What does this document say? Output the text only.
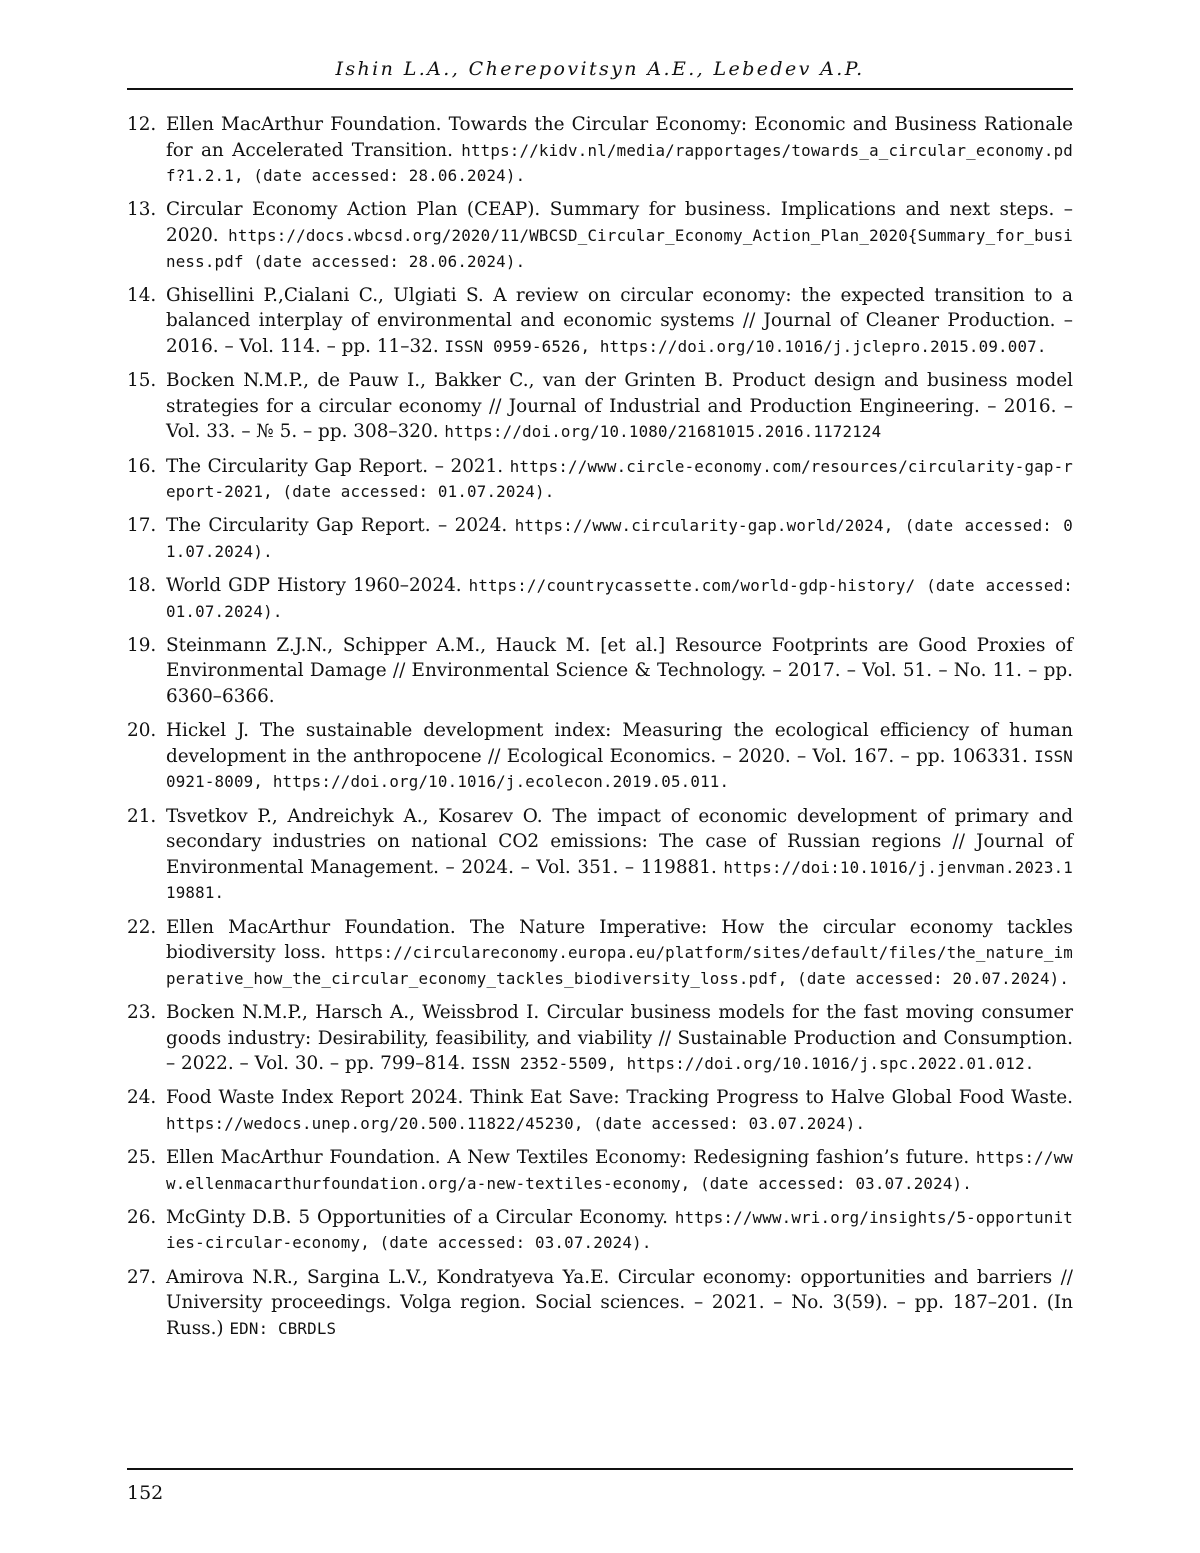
Ishin L.A., Cherepovitsyn A.E., Lebedev A.P.
12. Ellen MacArthur Foundation. Towards the Circular Economy: Economic and Business Rationale for an Accelerated Transition. https://kidv.nl/media/rapportages/towards_a_circular_economy.pdf?1.2.1, (date accessed: 28.06.2024).
13. Circular Economy Action Plan (CEAP). Summary for business. Implications and next steps. – 2020. https://docs.wbcsd.org/2020/11/WBCSD_Circular_Economy_Action_Plan_2020{Summary_for_business.pdf (date accessed: 28.06.2024).
14. Ghisellini P.,Cialani C., Ulgiati S. A review on circular economy: the expected transition to a balanced interplay of environmental and economic systems // Journal of Cleaner Production. – 2016. – Vol. 114. – pp. 11–32. ISSN 0959-6526, https://doi.org/10.1016/j.jclepro.2015.09.007.
15. Bocken N.M.P., de Pauw I., Bakker C., van der Grinten B. Product design and business model strategies for a circular economy // Journal of Industrial and Production Engineering. – 2016. – Vol. 33. – № 5. – pp. 308–320. https://doi.org/10.1080/21681015.2016.1172124
16. The Circularity Gap Report. – 2021. https://www.circle-economy.com/resources/circularity-gap-report-2021, (date accessed: 01.07.2024).
17. The Circularity Gap Report. – 2024. https://www.circularity-gap.world/2024, (date accessed: 01.07.2024).
18. World GDP History 1960–2024. https://countrycassette.com/world-gdp-history/ (date accessed: 01.07.2024).
19. Steinmann Z.J.N., Schipper A.M., Hauck M. [et al.] Resource Footprints are Good Proxies of Environmental Damage // Environmental Science & Technology. – 2017. – Vol. 51. – No. 11. – pp. 6360–6366.
20. Hickel J. The sustainable development index: Measuring the ecological efficiency of human development in the anthropocene // Ecological Economics. – 2020. – Vol. 167. – pp. 106331. ISSN 0921-8009, https://doi.org/10.1016/j.ecolecon.2019.05.011.
21. Tsvetkov P., Andreichyk A., Kosarev O. The impact of economic development of primary and secondary industries on national CO2 emissions: The case of Russian regions // Journal of Environmental Management. – 2024. – Vol. 351. – 119881. https://doi:10.1016/j.jenvman.2023.119881.
22. Ellen MacArthur Foundation. The Nature Imperative: How the circular economy tackles biodiversity loss. https://circulareconomy.europa.eu/platform/sites/default/files/the_nature_imperative_how_the_circular_economy_tackles_biodiversity_loss.pdf, (date accessed: 20.07.2024).
23. Bocken N.M.P., Harsch A., Weissbrod I. Circular business models for the fast moving consumer goods industry: Desirability, feasibility, and viability // Sustainable Production and Consumption. – 2022. – Vol. 30. – pp. 799–814. ISSN 2352-5509, https://doi.org/10.1016/j.spc.2022.01.012.
24. Food Waste Index Report 2024. Think Eat Save: Tracking Progress to Halve Global Food Waste. https://wedocs.unep.org/20.500.11822/45230, (date accessed: 03.07.2024).
25. Ellen MacArthur Foundation. A New Textiles Economy: Redesigning fashion’s future. https://www.ellenmacarthurfoundation.org/a-new-textiles-economy, (date accessed: 03.07.2024).
26. McGinty D.B. 5 Opportunities of a Circular Economy. https://www.wri.org/insights/5-opportunities-circular-economy, (date accessed: 03.07.2024).
27. Amirova N.R., Sargina L.V., Kondratyeva Ya.E. Circular economy: opportunities and barriers // University proceedings. Volga region. Social sciences. – 2021. – No. 3(59). – pp. 187–201. (In Russ.) EDN: CBRDLS
152
